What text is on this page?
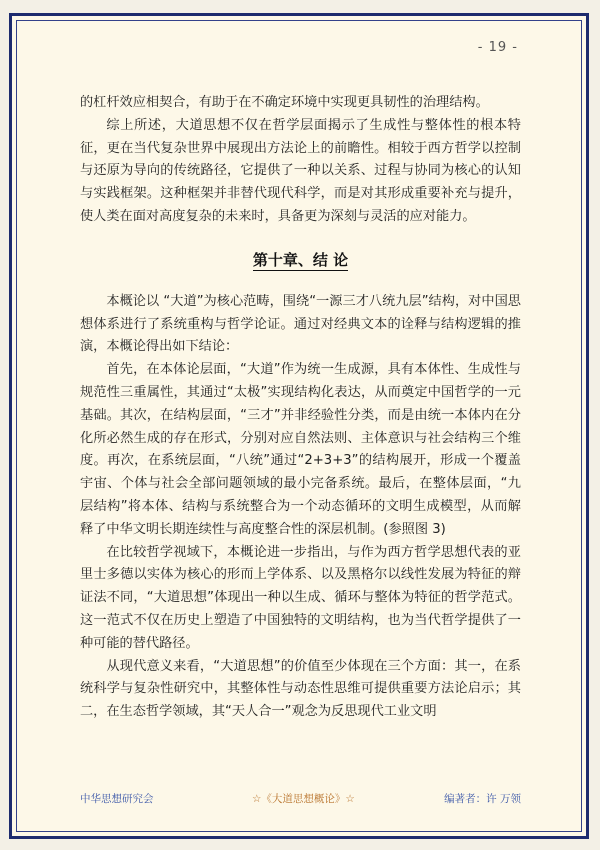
- 19 -

的杠杆效应相契合，有助于在不确定环境中实现更具韧性的治理结构。

综上所述，大道思想不仅在哲学层面揭示了生成性与整体性的根本特征，更在当代复杂世界中展现出方法论上的前瞻性。相较于西方哲学以控制与还原为导向的传统路径，它提供了一种以关系、过程与协同为核心的认知与实践框架。这种框架并非替代现代科学，而是对其形成重要补充与提升，使人类在面对高度复杂的未来时，具备更为深刻与灵活的应对能力。

第十章、结 论

本概论以 “大道”为核心范畴，围绕“一源三才八统九层”结构，对中国思想体系进行了系统重构与哲学论证。通过对经典文本的诠释与结构逻辑的推演，本概论得出如下结论：

首先，在本体论层面，“大道”作为统一生成源，具有本体性、生成性与规范性三重属性，其通过“太极”实现结构化表达，从而奠定中国哲学的一元基础。其次，在结构层面，“三才”并非经验性分类，而是由统一本体内在分化所必然生成的存在形式，分别对应自然法则、主体意识与社会结构三个维度。再次，在系统层面，“八统”通过“2+3+3”的结构展开，形成一个覆盖宇宙、个体与社会全部问题领域的最小完备系统。最后，在整体层面，“九层结构”将本体、结构与系统整合为一个动态循环的文明生成模型，从而解释了中华文明长期连续性与高度整合性的深层机制。(参照图 3)

在比较哲学视域下，本概论进一步指出，与作为西方哲学思想代表的亚里士多德以实体为核心的形而上学体系、以及黑格尔以线性发展为特征的辩证法不同，“大道思想”体现出一种以生成、循环与整体为特征的哲学范式。这一范式不仅在历史上塑造了中国独特的文明结构，也为当代哲学提供了一种可能的替代路径。

从现代意义来看，“大道思想”的价值至少体现在三个方面：其一，在系统科学与复杂性研究中，其整体性与动态性思维可提供重要方法论启示；其二，在生态哲学领域，其“天人合一”观念为反思现代工业文明

中华思想研究会	☆《大道思想概论》☆	编著者：许 万领
